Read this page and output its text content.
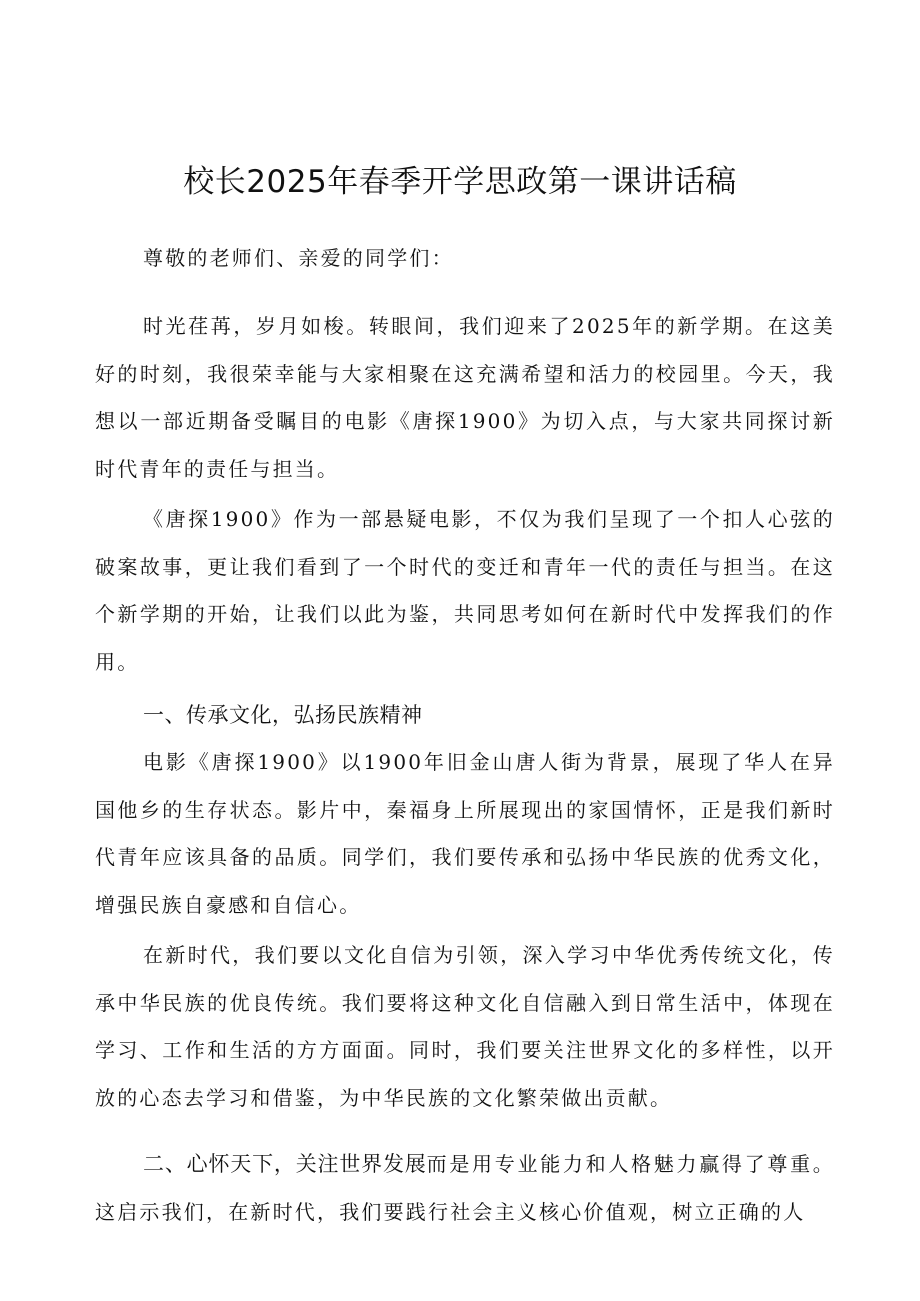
校长2025年春季开学思政第一课讲话稿

尊敬的老师们、亲爱的同学们：

时光荏苒，岁月如梭。转眼间，我们迎来了2025年的新学期。在这美好的时刻，我很荣幸能与大家相聚在这充满希望和活力的校园里。今天，我想以一部近期备受瞩目的电影《唐探1900》为切入点，与大家共同探讨新时代青年的责任与担当。

《唐探1900》作为一部悬疑电影，不仅为我们呈现了一个扣人心弦的破案故事，更让我们看到了一个时代的变迁和青年一代的责任与担当。在这个新学期的开始，让我们以此为鉴，共同思考如何在新时代中发挥我们的作用。

一、传承文化，弘扬民族精神

电影《唐探1900》以1900年旧金山唐人街为背景，展现了华人在异国他乡的生存状态。影片中，秦福身上所展现出的家国情怀，正是我们新时代青年应该具备的品质。同学们，我们要传承和弘扬中华民族的优秀文化，增强民族自豪感和自信心。

在新时代，我们要以文化自信为引领，深入学习中华优秀传统文化，传承中华民族的优良传统。我们要将这种文化自信融入到日常生活中，体现在学习、工作和生活的方方面面。同时，我们要关注世界文化的多样性，以开放的心态去学习和借鉴，为中华民族的文化繁荣做出贡献。

二、心怀天下，关注世界发展而是用专业能力和人格魅力赢得了尊重。这启示我们，在新时代，我们要践行社会主义核心价值观，树立正确的人
